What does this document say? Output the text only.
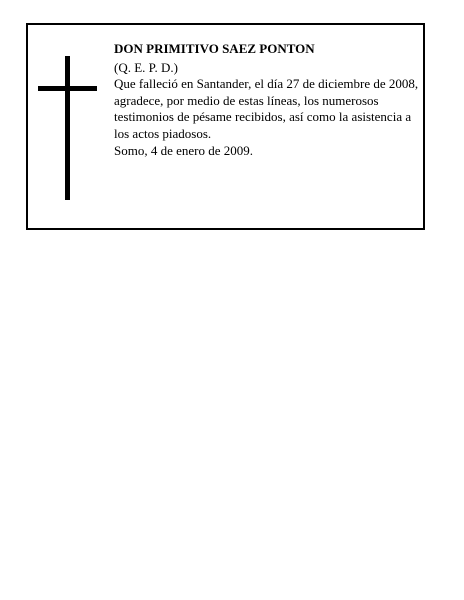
DON PRIMITIVO SAEZ PONTON

(Q. E. P. D.)

Que falleció en Santander, el día 27 de diciembre de 2008,

agradece, por medio de estas líneas, los numerosos testimonios de pésame recibidos, así como la asistencia a los actos piadosos.

Somo, 4 de enero de 2009.
